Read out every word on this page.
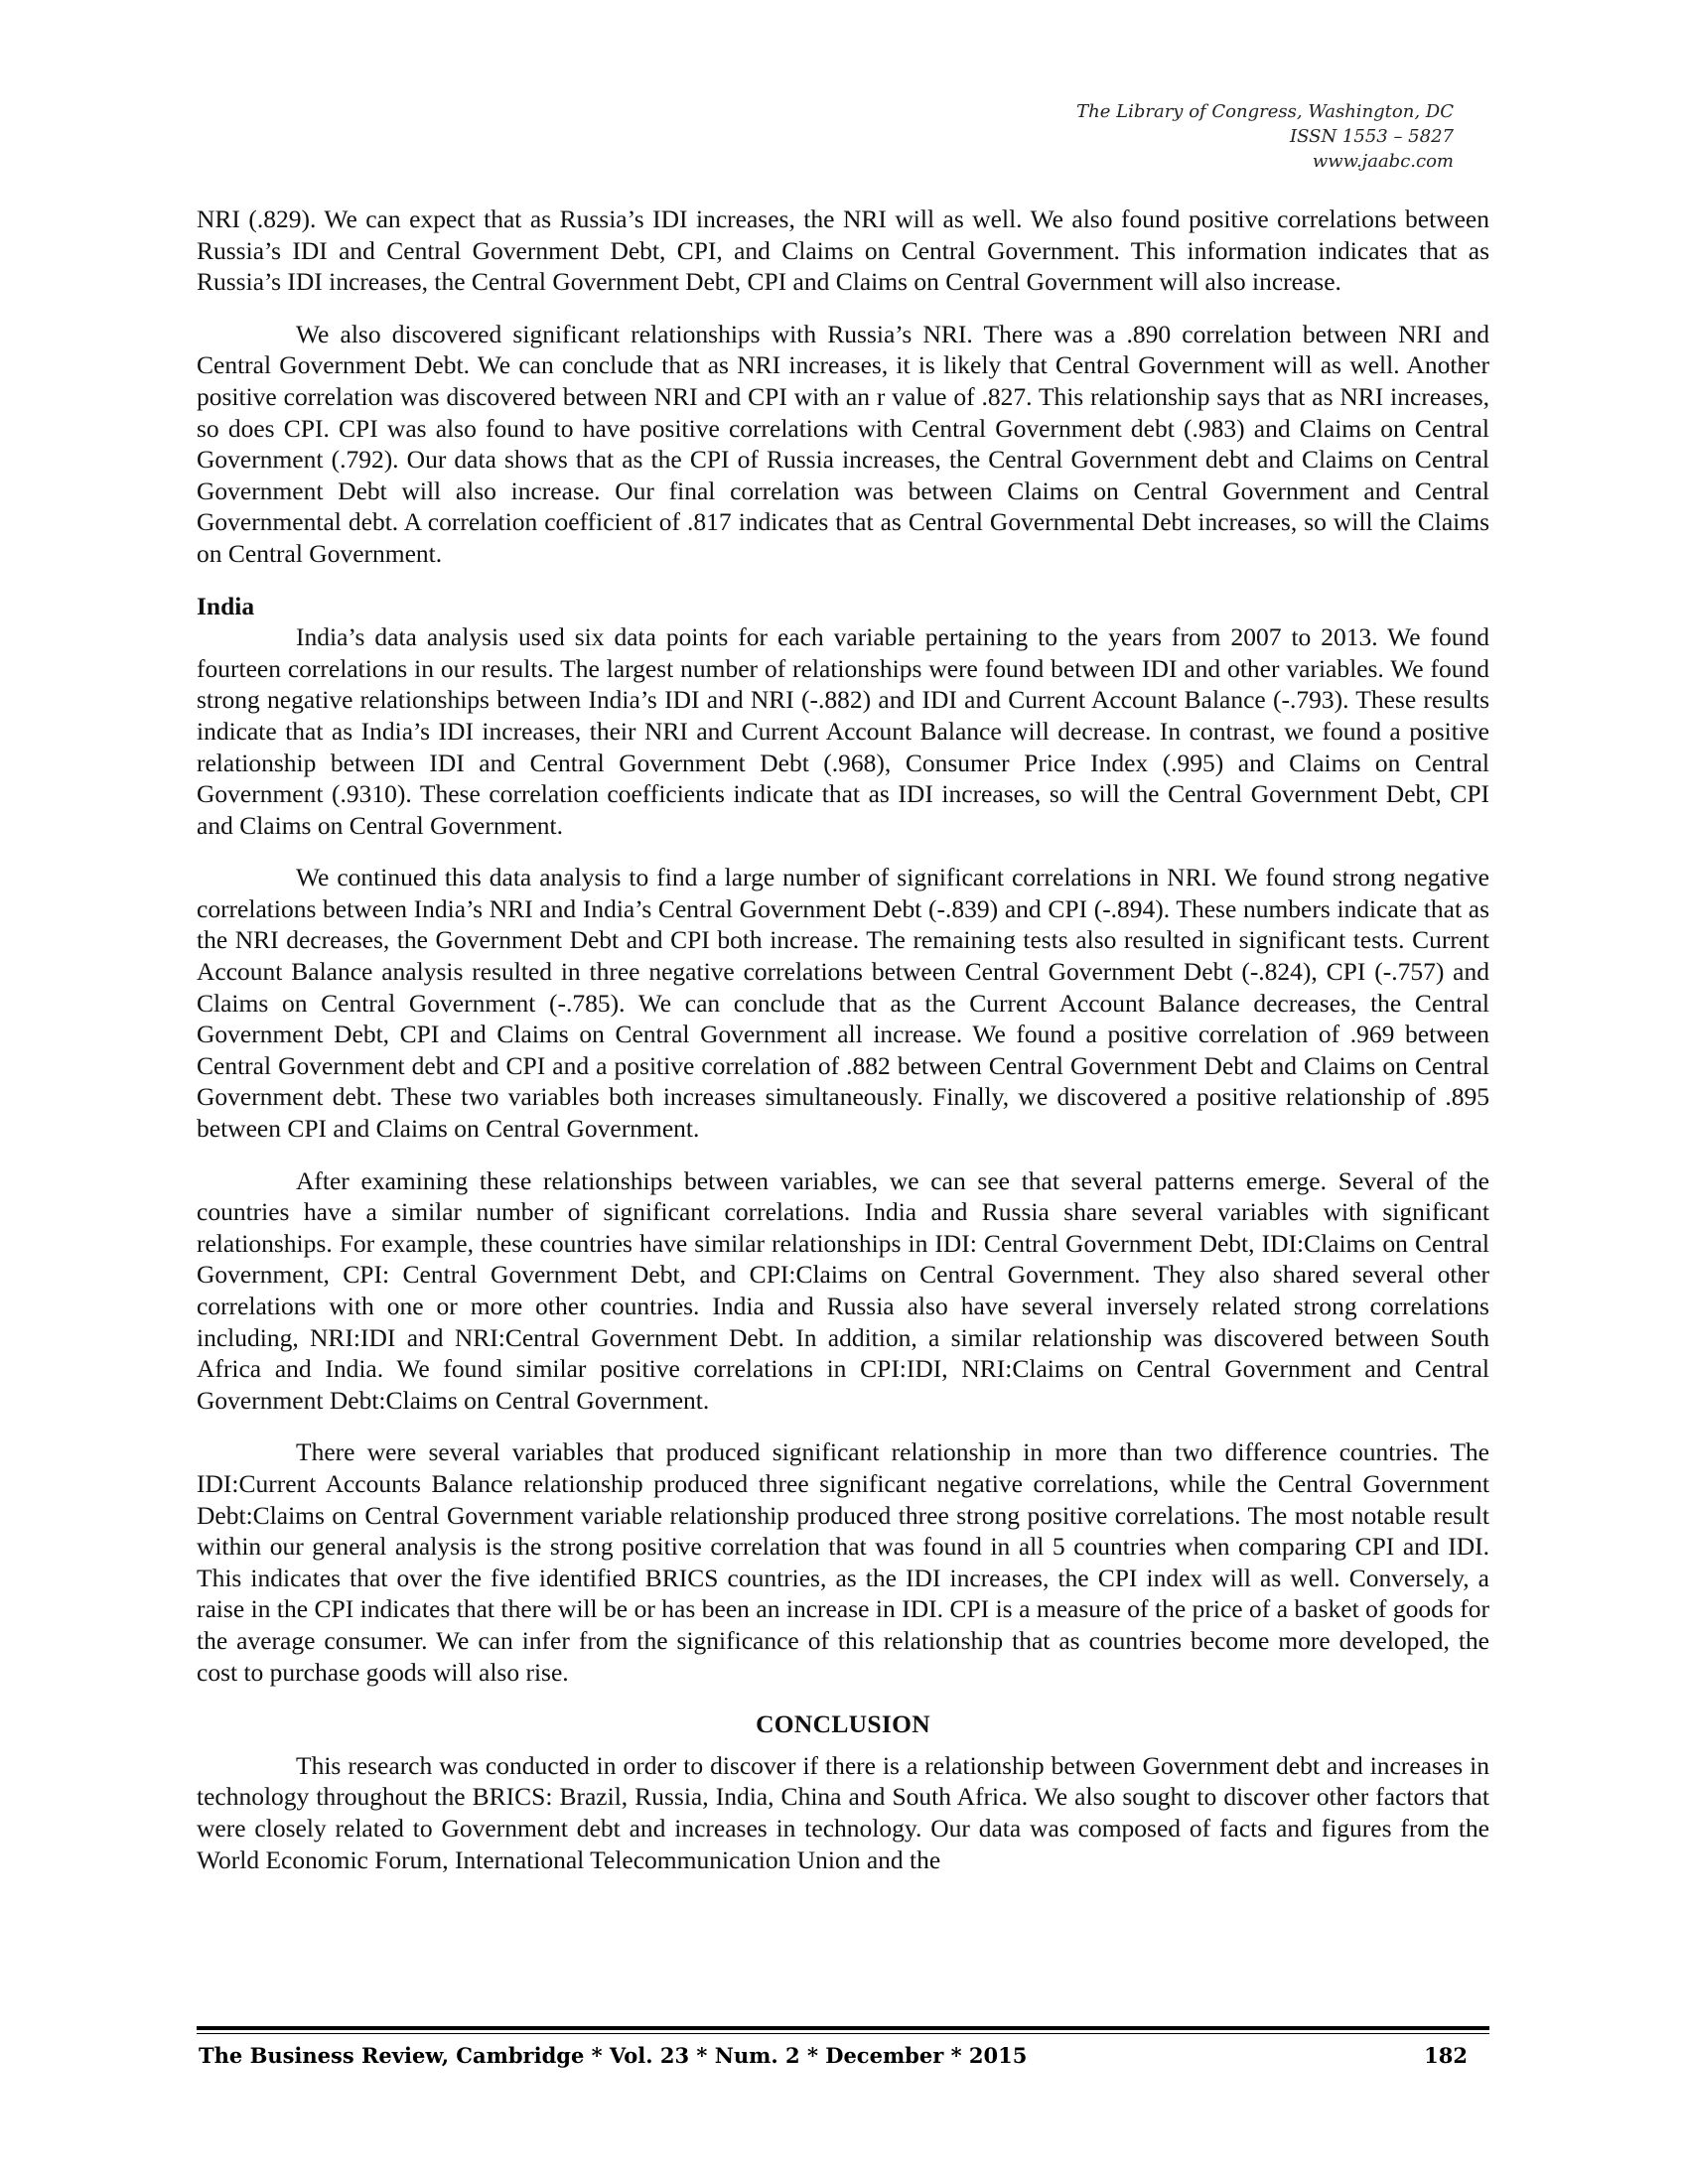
The Library of Congress, Washington, DC
ISSN 1553 – 5827
www.jaabc.com

NRI (.829). We can expect that as Russia’s IDI increases, the NRI will as well. We also found positive correlations between Russia’s IDI and Central Government Debt, CPI, and Claims on Central Government. This information indicates that as Russia’s IDI increases, the Central Government Debt, CPI and Claims on Central Government will also increase.

We also discovered significant relationships with Russia’s NRI. There was a .890 correlation between NRI and Central Government Debt. We can conclude that as NRI increases, it is likely that Central Government will as well. Another positive correlation was discovered between NRI and CPI with an r value of .827. This relationship says that as NRI increases, so does CPI. CPI was also found to have positive correlations with Central Government debt (.983) and Claims on Central Government (.792). Our data shows that as the CPI of Russia increases, the Central Government debt and Claims on Central Government Debt will also increase. Our final correlation was between Claims on Central Government and Central Governmental debt. A correlation coefficient of .817 indicates that as Central Governmental Debt increases, so will the Claims on Central Government.

India

India’s data analysis used six data points for each variable pertaining to the years from 2007 to 2013. We found fourteen correlations in our results. The largest number of relationships were found between IDI and other variables. We found strong negative relationships between India’s IDI and NRI (-.882) and IDI and Current Account Balance (-.793). These results indicate that as India’s IDI increases, their NRI and Current Account Balance will decrease. In contrast, we found a positive relationship between IDI and Central Government Debt (.968), Consumer Price Index (.995) and Claims on Central Government (.9310). These correlation coefficients indicate that as IDI increases, so will the Central Government Debt, CPI and Claims on Central Government.

We continued this data analysis to find a large number of significant correlations in NRI. We found strong negative correlations between India’s NRI and India’s Central Government Debt (-.839) and CPI (-.894). These numbers indicate that as the NRI decreases, the Government Debt and CPI both increase. The remaining tests also resulted in significant tests. Current Account Balance analysis resulted in three negative correlations between Central Government Debt (-.824), CPI (-.757) and Claims on Central Government (-.785). We can conclude that as the Current Account Balance decreases, the Central Government Debt, CPI and Claims on Central Government all increase. We found a positive correlation of .969 between Central Government debt and CPI and a positive correlation of .882 between Central Government Debt and Claims on Central Government debt. These two variables both increases simultaneously. Finally, we discovered a positive relationship of .895 between CPI and Claims on Central Government.

After examining these relationships between variables, we can see that several patterns emerge. Several of the countries have a similar number of significant correlations. India and Russia share several variables with significant relationships. For example, these countries have similar relationships in IDI: Central Government Debt, IDI:Claims on Central Government, CPI: Central Government Debt, and CPI:Claims on Central Government. They also shared several other correlations with one or more other countries. India and Russia also have several inversely related strong correlations including, NRI:IDI and NRI:Central Government Debt. In addition, a similar relationship was discovered between South Africa and India. We found similar positive correlations in CPI:IDI, NRI:Claims on Central Government and Central Government Debt:Claims on Central Government.

There were several variables that produced significant relationship in more than two difference countries. The IDI:Current Accounts Balance relationship produced three significant negative correlations, while the Central Government Debt:Claims on Central Government variable relationship produced three strong positive correlations. The most notable result within our general analysis is the strong positive correlation that was found in all 5 countries when comparing CPI and IDI. This indicates that over the five identified BRICS countries, as the IDI increases, the CPI index will as well. Conversely, a raise in the CPI indicates that there will be or has been an increase in IDI. CPI is a measure of the price of a basket of goods for the average consumer. We can infer from the significance of this relationship that as countries become more developed, the cost to purchase goods will also rise.

CONCLUSION

This research was conducted in order to discover if there is a relationship between Government debt and increases in technology throughout the BRICS: Brazil, Russia, India, China and South Africa. We also sought to discover other factors that were closely related to Government debt and increases in technology. Our data was composed of facts and figures from the World Economic Forum, International Telecommunication Union and the

The Business Review, Cambridge * Vol. 23 * Num. 2 * December * 2015	182
